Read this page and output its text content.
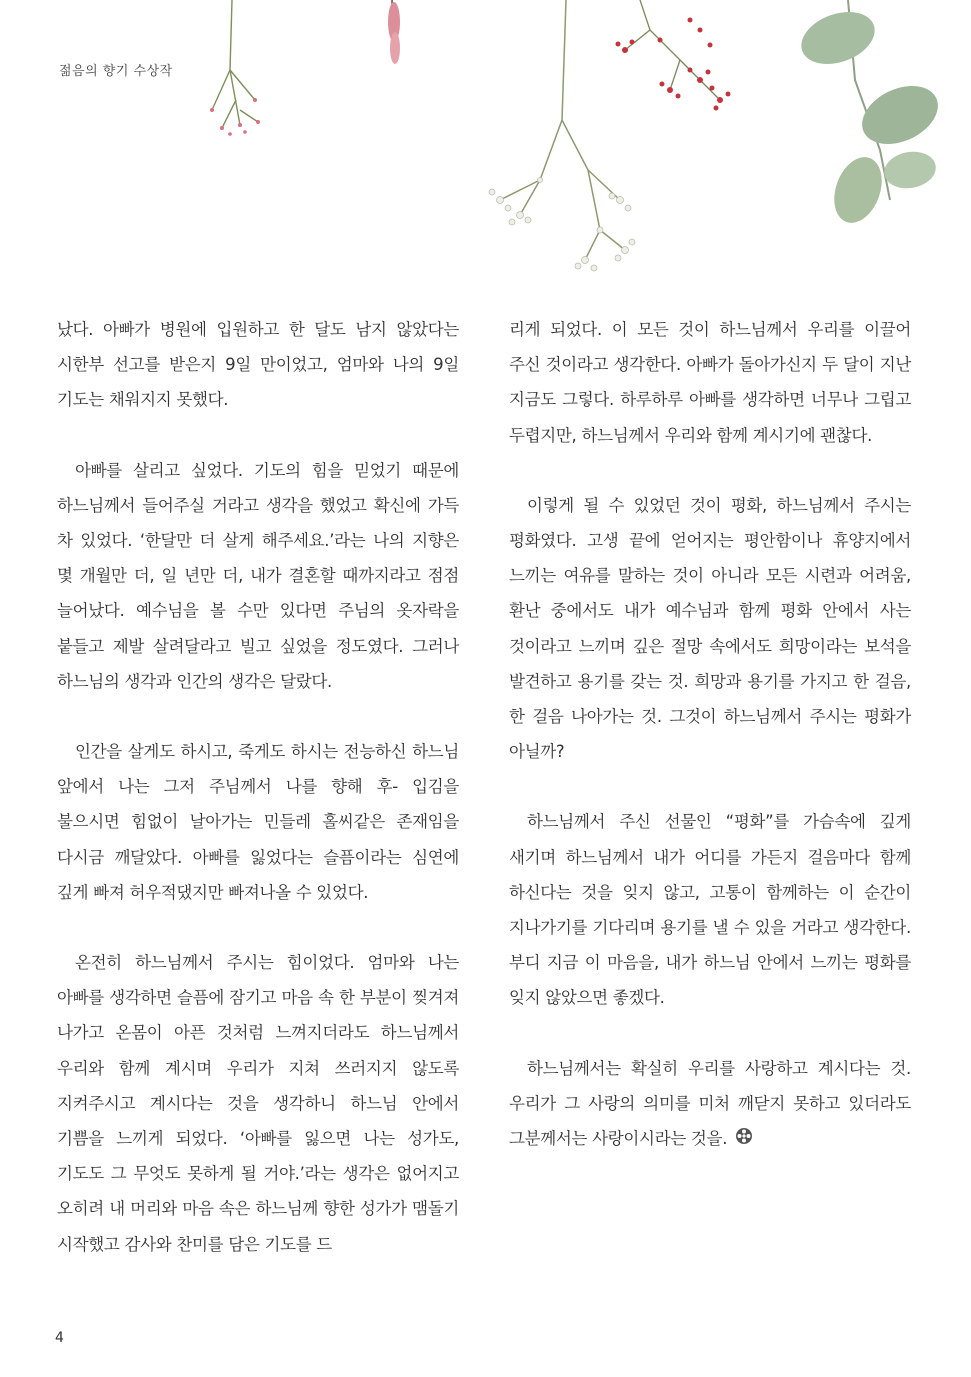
젊음의 향기 수상작

났다. 아빠가 병원에 입원하고 한 달도 남지 않았다는 시한부 선고를 받은지 9일 만이었고, 엄마와 나의 9일 기도는 채워지지 못했다.

아빠를 살리고 싶었다. 기도의 힘을 믿었기 때문에 하느님께서 들어주실 거라고 생각을 했었고 확신에 가득 차 있었다. ‘한달만 더 살게 해주세요.’라는 나의 지향은 몇 개월만 더, 일 년만 더, 내가 결혼할 때까지라고 점점 늘어났다. 예수님을 볼 수만 있다면 주님의 옷자락을 붙들고 제발 살려달라고 빌고 싶었을 정도였다. 그러나 하느님의 생각과 인간의 생각은 달랐다.

인간을 살게도 하시고, 죽게도 하시는 전능하신 하느님 앞에서 나는 그저 주님께서 나를 향해 후- 입김을 불으시면 힘없이 날아가는 민들레 홀씨같은 존재임을 다시금 깨달았다. 아빠를 잃었다는 슬픔이라는 심연에 깊게 빠져 허우적댔지만 빠져나올 수 있었다.

온전히 하느님께서 주시는 힘이었다. 엄마와 나는 아빠를 생각하면 슬픔에 잠기고 마음 속 한 부분이 찢겨져 나가고 온몸이 아픈 것처럼 느껴지더라도 하느님께서 우리와 함께 계시며 우리가 지쳐 쓰러지지 않도록 지켜주시고 계시다는 것을 생각하니 하느님 안에서 기쁨을 느끼게 되었다. ‘아빠를 잃으면 나는 성가도, 기도도 그 무엇도 못하게 될 거야.’라는 생각은 없어지고 오히려 내 머리와 마음 속은 하느님께 향한 성가가 맴돌기 시작했고 감사와 찬미를 담은 기도를 드

리게 되었다. 이 모든 것이 하느님께서 우리를 이끌어 주신 것이라고 생각한다. 아빠가 돌아가신지 두 달이 지난 지금도 그렇다. 하루하루 아빠를 생각하면 너무나 그립고 두렵지만, 하느님께서 우리와 함께 계시기에 괜찮다.

이렇게 될 수 있었던 것이 평화, 하느님께서 주시는 평화였다. 고생 끝에 얻어지는 평안함이나 휴양지에서 느끼는 여유를 말하는 것이 아니라 모든 시련과 어려움, 환난 중에서도 내가 예수님과 함께 평화 안에서 사는 것이라고 느끼며 깊은 절망 속에서도 희망이라는 보석을 발견하고 용기를 갖는 것. 희망과 용기를 가지고 한 걸음, 한 걸음 나아가는 것. 그것이 하느님께서 주시는 평화가 아닐까?

하느님께서 주신 선물인 “평화”를 가슴속에 깊게 새기며 하느님께서 내가 어디를 가든지 걸음마다 함께 하신다는 것을 잊지 않고, 고통이 함께하는 이 순간이 지나가기를 기다리며 용기를 낼 수 있을 거라고 생각한다. 부디 지금 이 마음을, 내가 하느님 안에서 느끼는 평화를 잊지 않았으면 좋겠다.

하느님께서는 확실히 우리를 사랑하고 계시다는 것. 우리가 그 사랑의 의미를 미처 깨닫지 못하고 있더라도 그분께서는 사랑이시라는 것을.

4
